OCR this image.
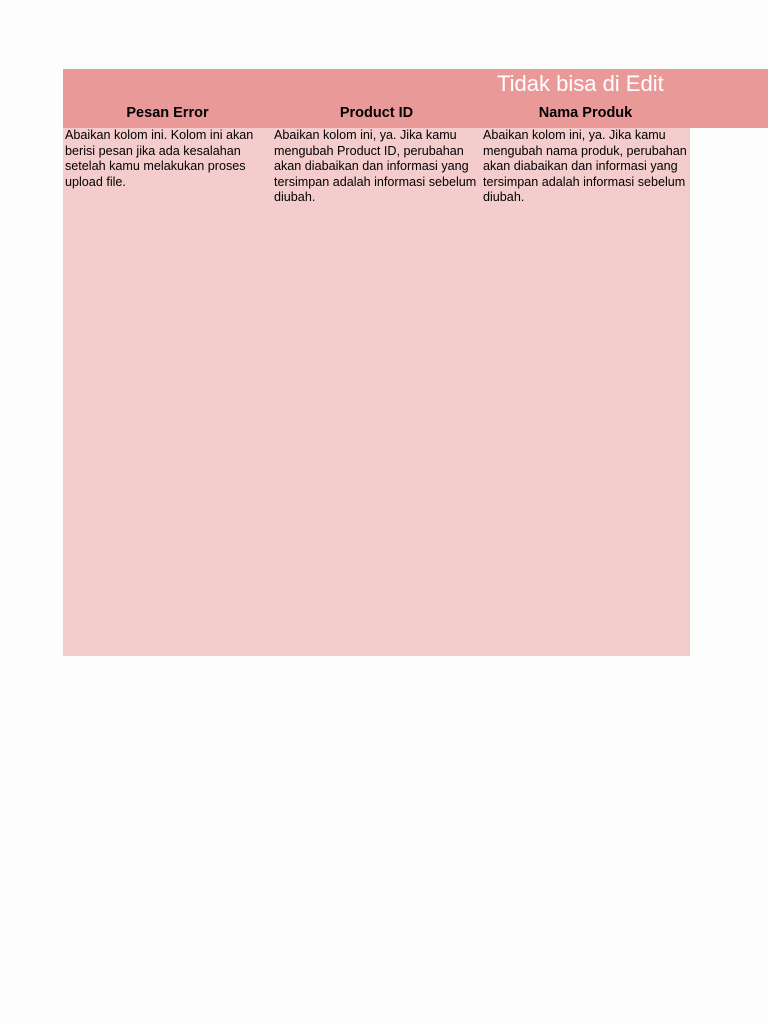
Tidak bisa di Edit
Pesan Error	Product ID	Nama Produk
Abaikan kolom ini. Kolom ini akan berisi pesan jika ada kesalahan setelah kamu melakukan proses upload file.
Abaikan kolom ini, ya. Jika kamu mengubah Product ID, perubahan akan diabaikan dan informasi yang tersimpan adalah informasi sebelum diubah.
Abaikan kolom ini, ya. Jika kamu mengubah nama produk, perubahan akan diabaikan dan informasi yang tersimpan adalah informasi sebelum diubah.
